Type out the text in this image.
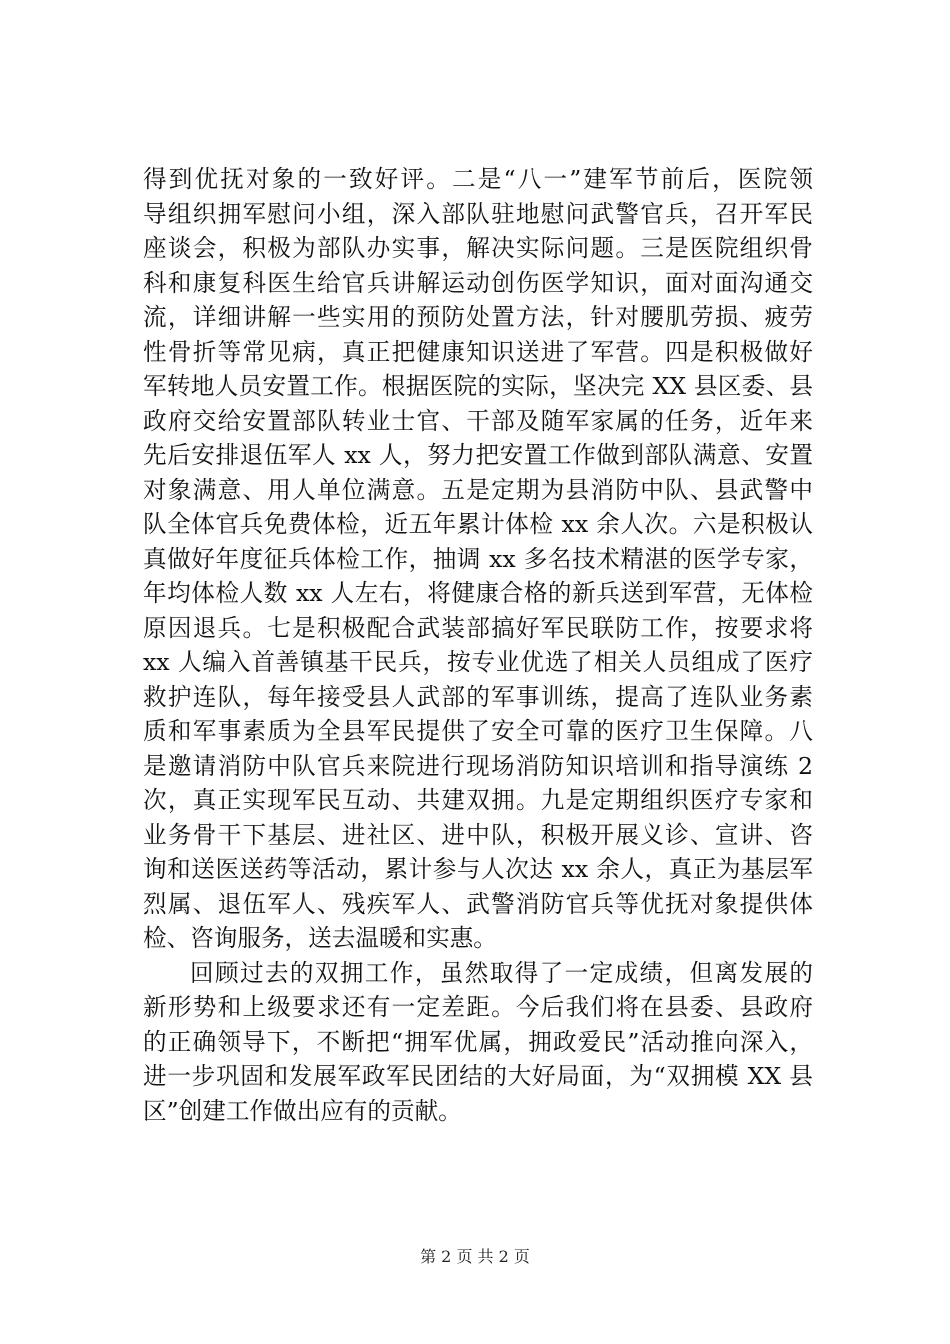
得到优抚对象的一致好评。二是“八一”建军节前后，医院领
导组织拥军慰问小组，深入部队驻地慰问武警官兵，召开军民
座谈会，积极为部队办实事，解决实际问题。三是医院组织骨
科和康复科医生给官兵讲解运动创伤医学知识，面对面沟通交
流，详细讲解一些实用的预防处置方法，针对腰肌劳损、疲劳
性骨折等常见病，真正把健康知识送进了军营。四是积极做好
军转地人员安置工作。根据医院的实际，坚决完 XX 县区委、县
政府交给安置部队转业士官、干部及随军家属的任务，近年来
先后安排退伍军人 xx 人，努力把安置工作做到部队满意、安置
对象满意、用人单位满意。五是定期为县消防中队、县武警中
队全体官兵免费体检，近五年累计体检 xx 余人次。六是积极认
真做好年度征兵体检工作，抽调 xx 多名技术精湛的医学专家，
年均体检人数 xx 人左右，将健康合格的新兵送到军营，无体检
原因退兵。七是积极配合武装部搞好军民联防工作，按要求将
xx 人编入首善镇基干民兵，按专业优选了相关人员组成了医疗
救护连队，每年接受县人武部的军事训练，提高了连队业务素
质和军事素质为全县军民提供了安全可靠的医疗卫生保障。八
是邀请消防中队官兵来院进行现场消防知识培训和指导演练 2
次，真正实现军民互动、共建双拥。九是定期组织医疗专家和
业务骨干下基层、进社区、进中队，积极开展义诊、宣讲、咨
询和送医送药等活动，累计参与人次达 xx 余人，真正为基层军
烈属、退伍军人、残疾军人、武警消防官兵等优抚对象提供体
检、咨询服务，送去温暖和实惠。
回顾过去的双拥工作，虽然取得了一定成绩，但离发展的
新形势和上级要求还有一定差距。今后我们将在县委、县政府
的正确领导下，不断把“拥军优属，拥政爱民”活动推向深入，
进一步巩固和发展军政军民团结的大好局面，为“双拥模 XX 县
区”创建工作做出应有的贡献。
第 2 页 共 2 页
